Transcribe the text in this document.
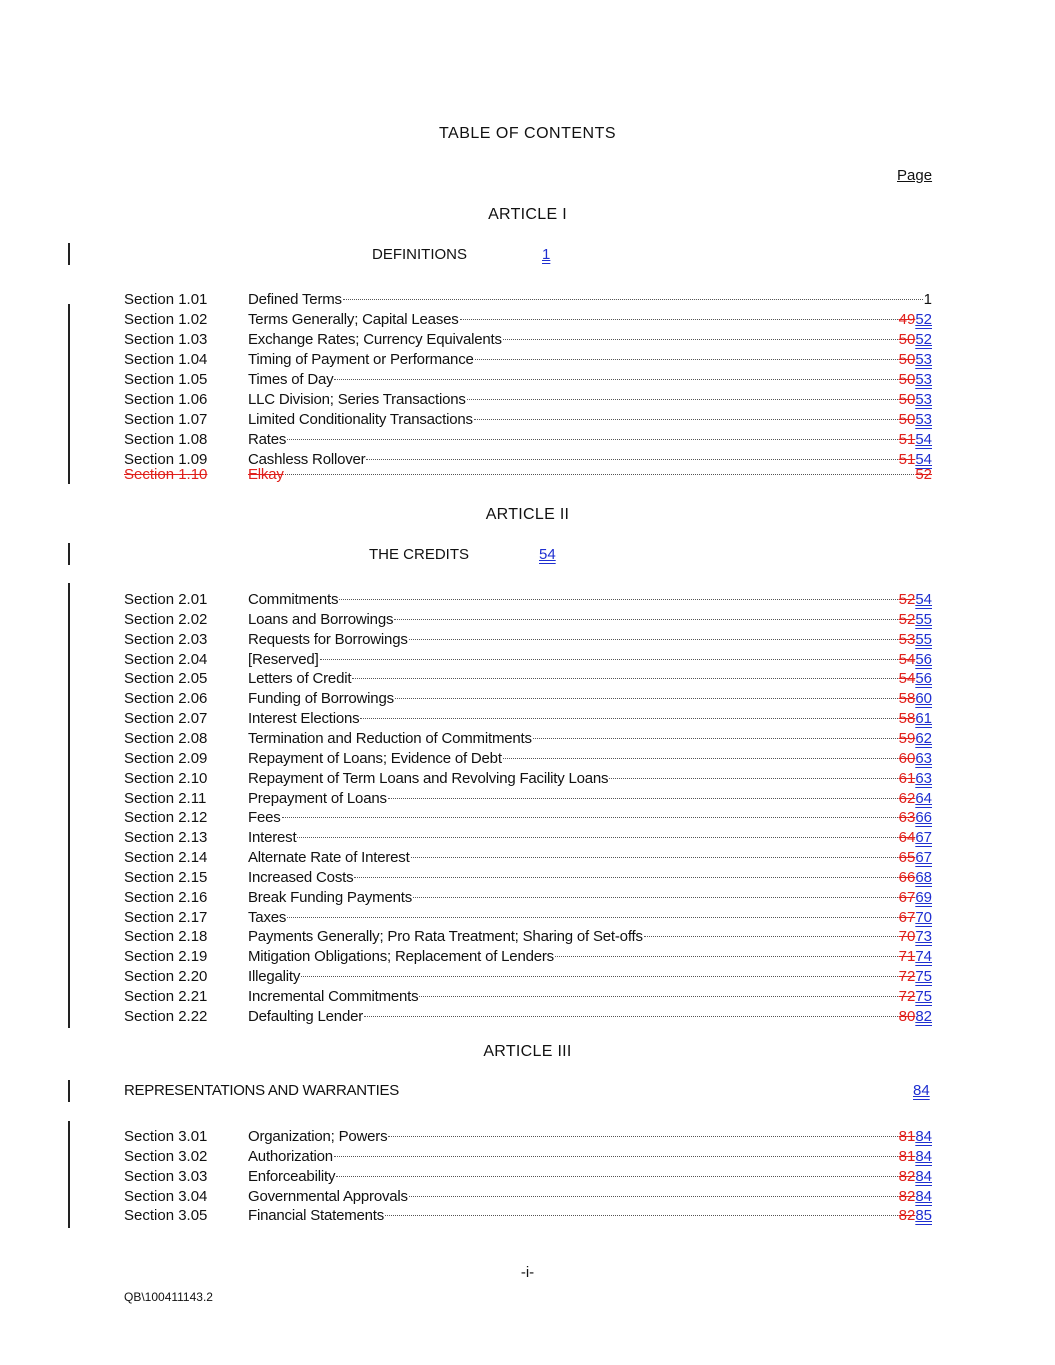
TABLE OF CONTENTS
Page
ARTICLE I
DEFINITIONS	1
Section 1.01	Defined Terms	1
Section 1.02	Terms Generally; Capital Leases	4952
Section 1.03	Exchange Rates; Currency Equivalents	5052
Section 1.04	Timing of Payment or Performance	5053
Section 1.05	Times of Day	5053
Section 1.06	LLC Division; Series Transactions	5053
Section 1.07	Limited Conditionality Transactions	5053
Section 1.08	Rates	5154
Section 1.09	Cashless Rollover	5154
Section 1.10	Elkay	52
ARTICLE II
THE CREDITS	54
Section 2.01	Commitments	5254
Section 2.02	Loans and Borrowings	5255
Section 2.03	Requests for Borrowings	5355
Section 2.04	[Reserved]	5456
Section 2.05	Letters of Credit	5456
Section 2.06	Funding of Borrowings	5860
Section 2.07	Interest Elections	5861
Section 2.08	Termination and Reduction of Commitments	5962
Section 2.09	Repayment of Loans; Evidence of Debt	6063
Section 2.10	Repayment of Term Loans and Revolving Facility Loans	6163
Section 2.11	Prepayment of Loans	6264
Section 2.12	Fees	6366
Section 2.13	Interest	6467
Section 2.14	Alternate Rate of Interest	6567
Section 2.15	Increased Costs	6668
Section 2.16	Break Funding Payments	6769
Section 2.17	Taxes	6770
Section 2.18	Payments Generally; Pro Rata Treatment; Sharing of Set-offs	7073
Section 2.19	Mitigation Obligations; Replacement of Lenders	7174
Section 2.20	Illegality	7275
Section 2.21	Incremental Commitments	7275
Section 2.22	Defaulting Lender	8082
ARTICLE III
REPRESENTATIONS AND WARRANTIES	84
Section 3.01	Organization; Powers	8184
Section 3.02	Authorization	8184
Section 3.03	Enforceability	8284
Section 3.04	Governmental Approvals	8284
Section 3.05	Financial Statements	8285
-i-
QB\100411143.2
